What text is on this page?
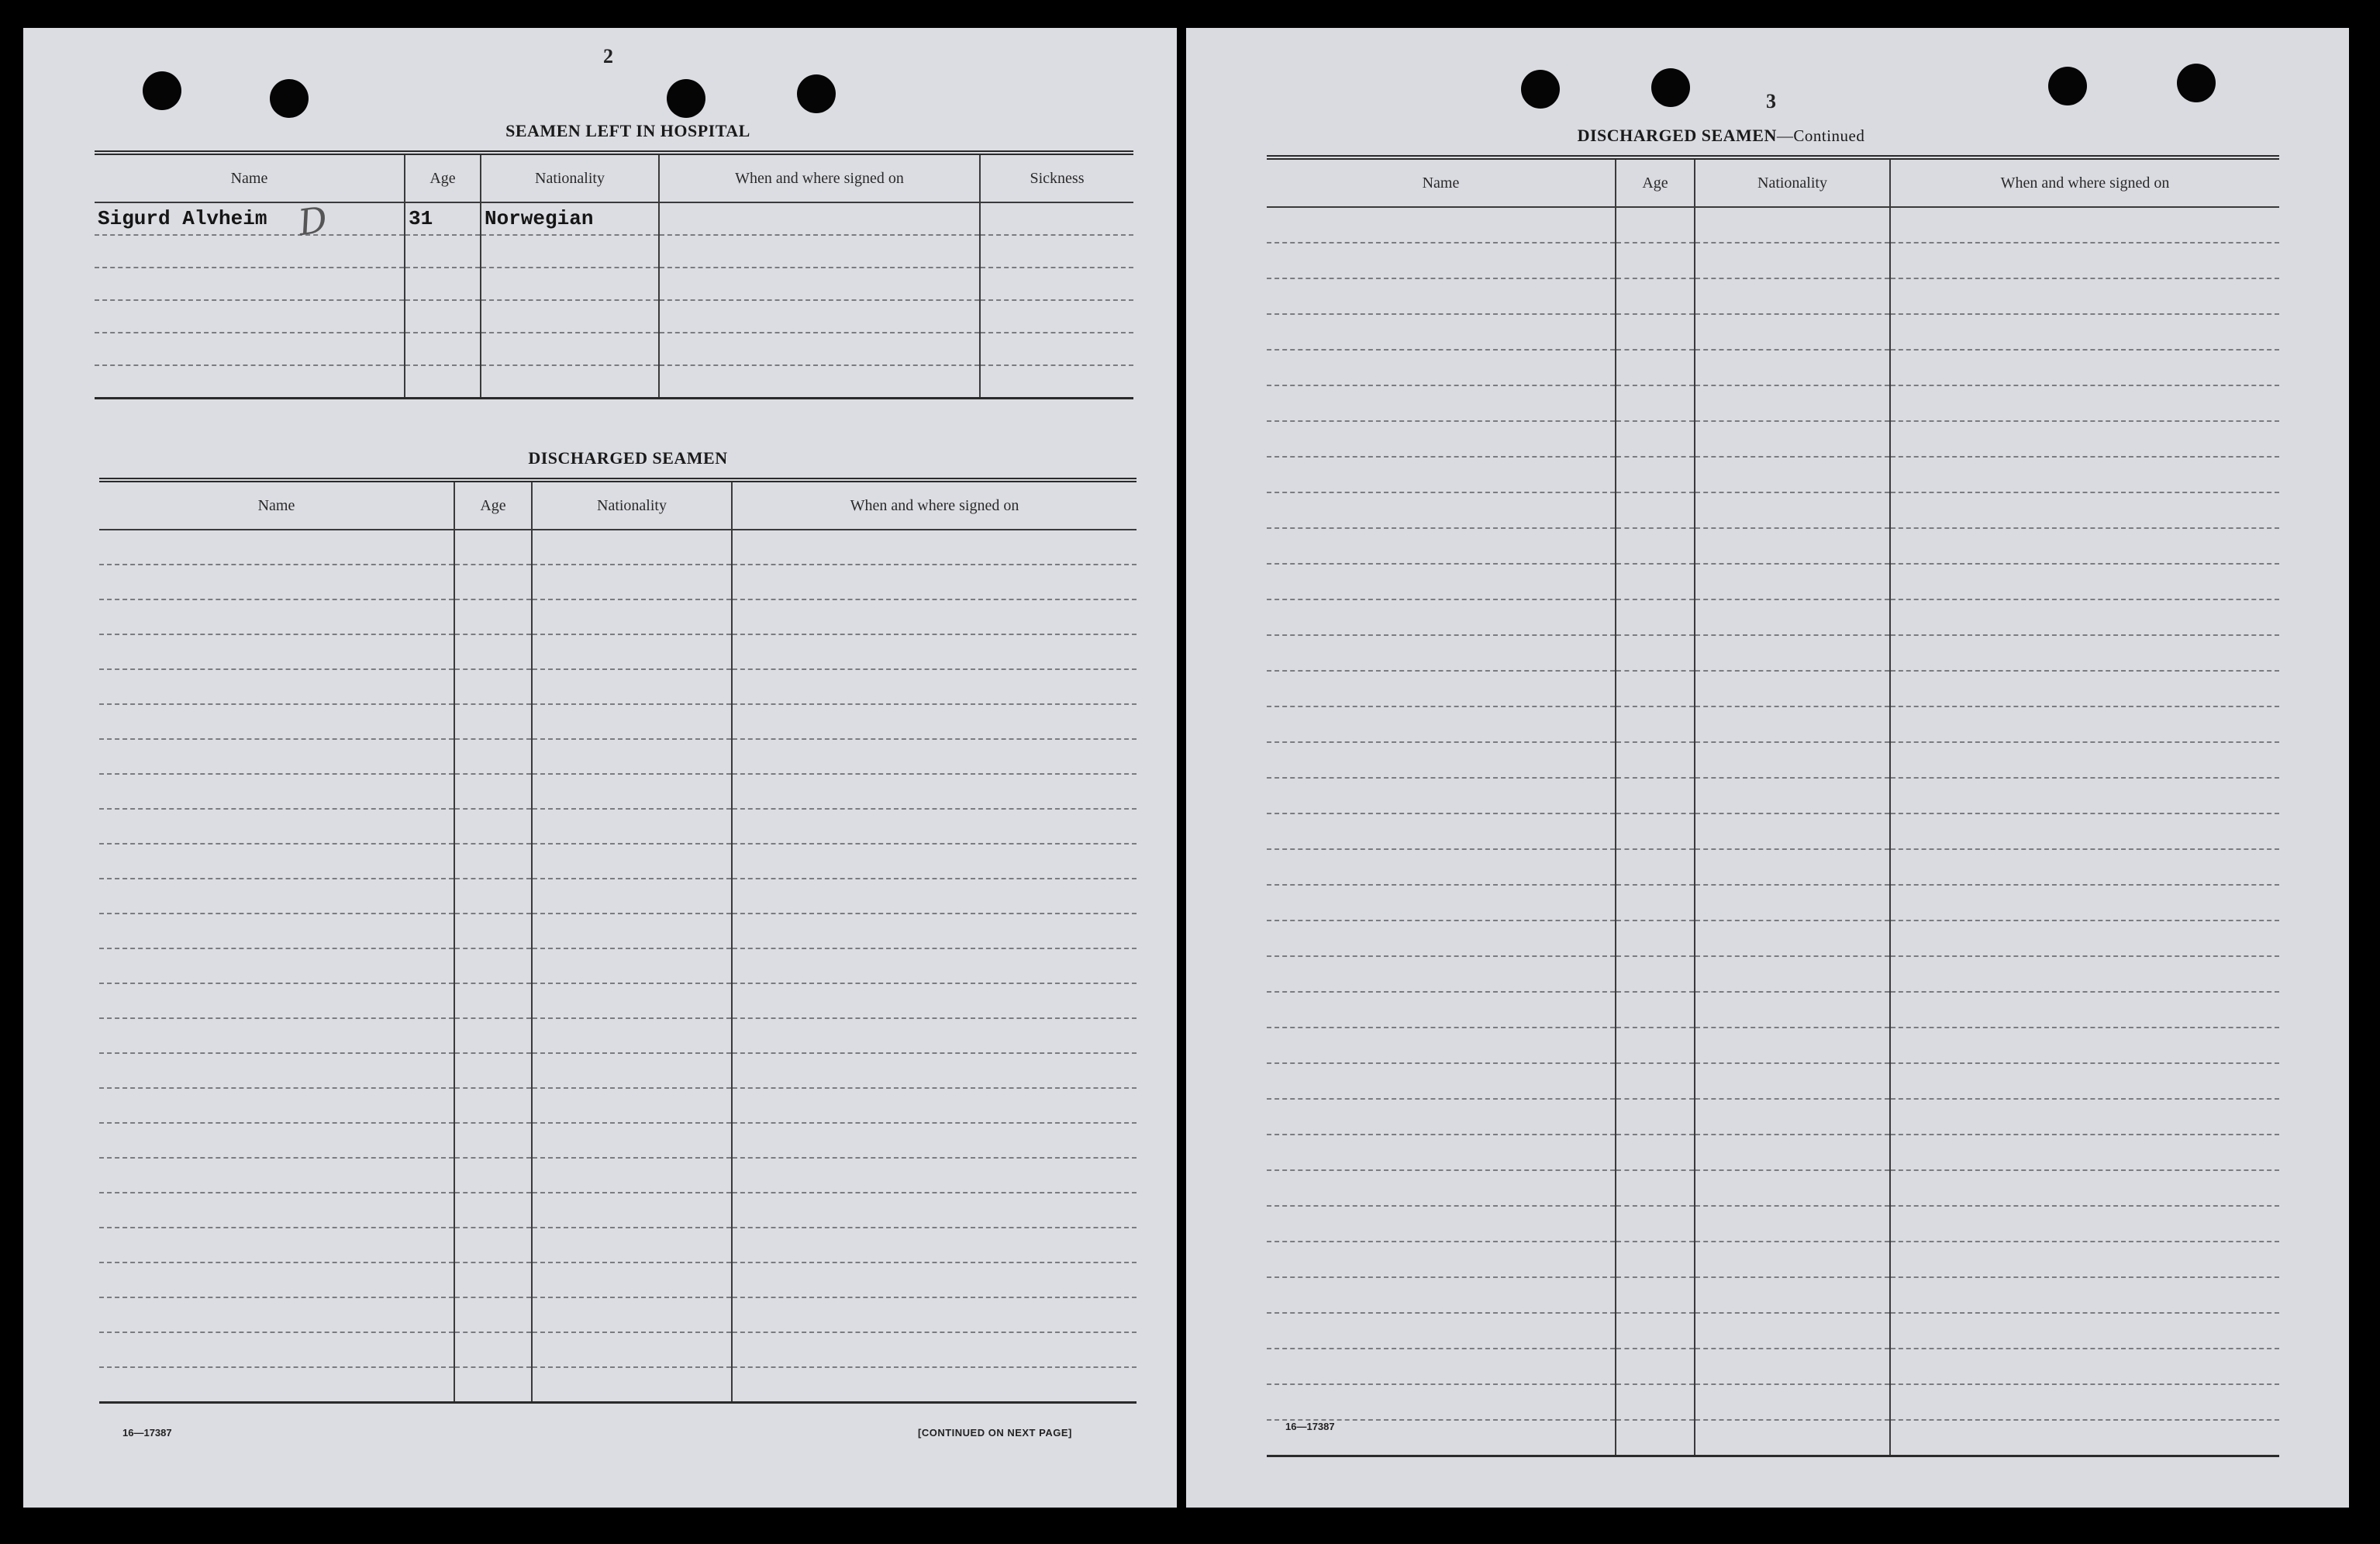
2
SEAMEN LEFT IN HOSPITAL
Name	Age	Nationality	When and where signed on	Sickness
Sigurd Alvheim	31	Norwegian		

D
DISCHARGED SEAMEN
Name	Age	Nationality	When and where signed on

16—17387	[CONTINUED ON NEXT PAGE]
3
DISCHARGED SEAMEN—Continued
Name	Age	Nationality	When and where signed on

16—17387
